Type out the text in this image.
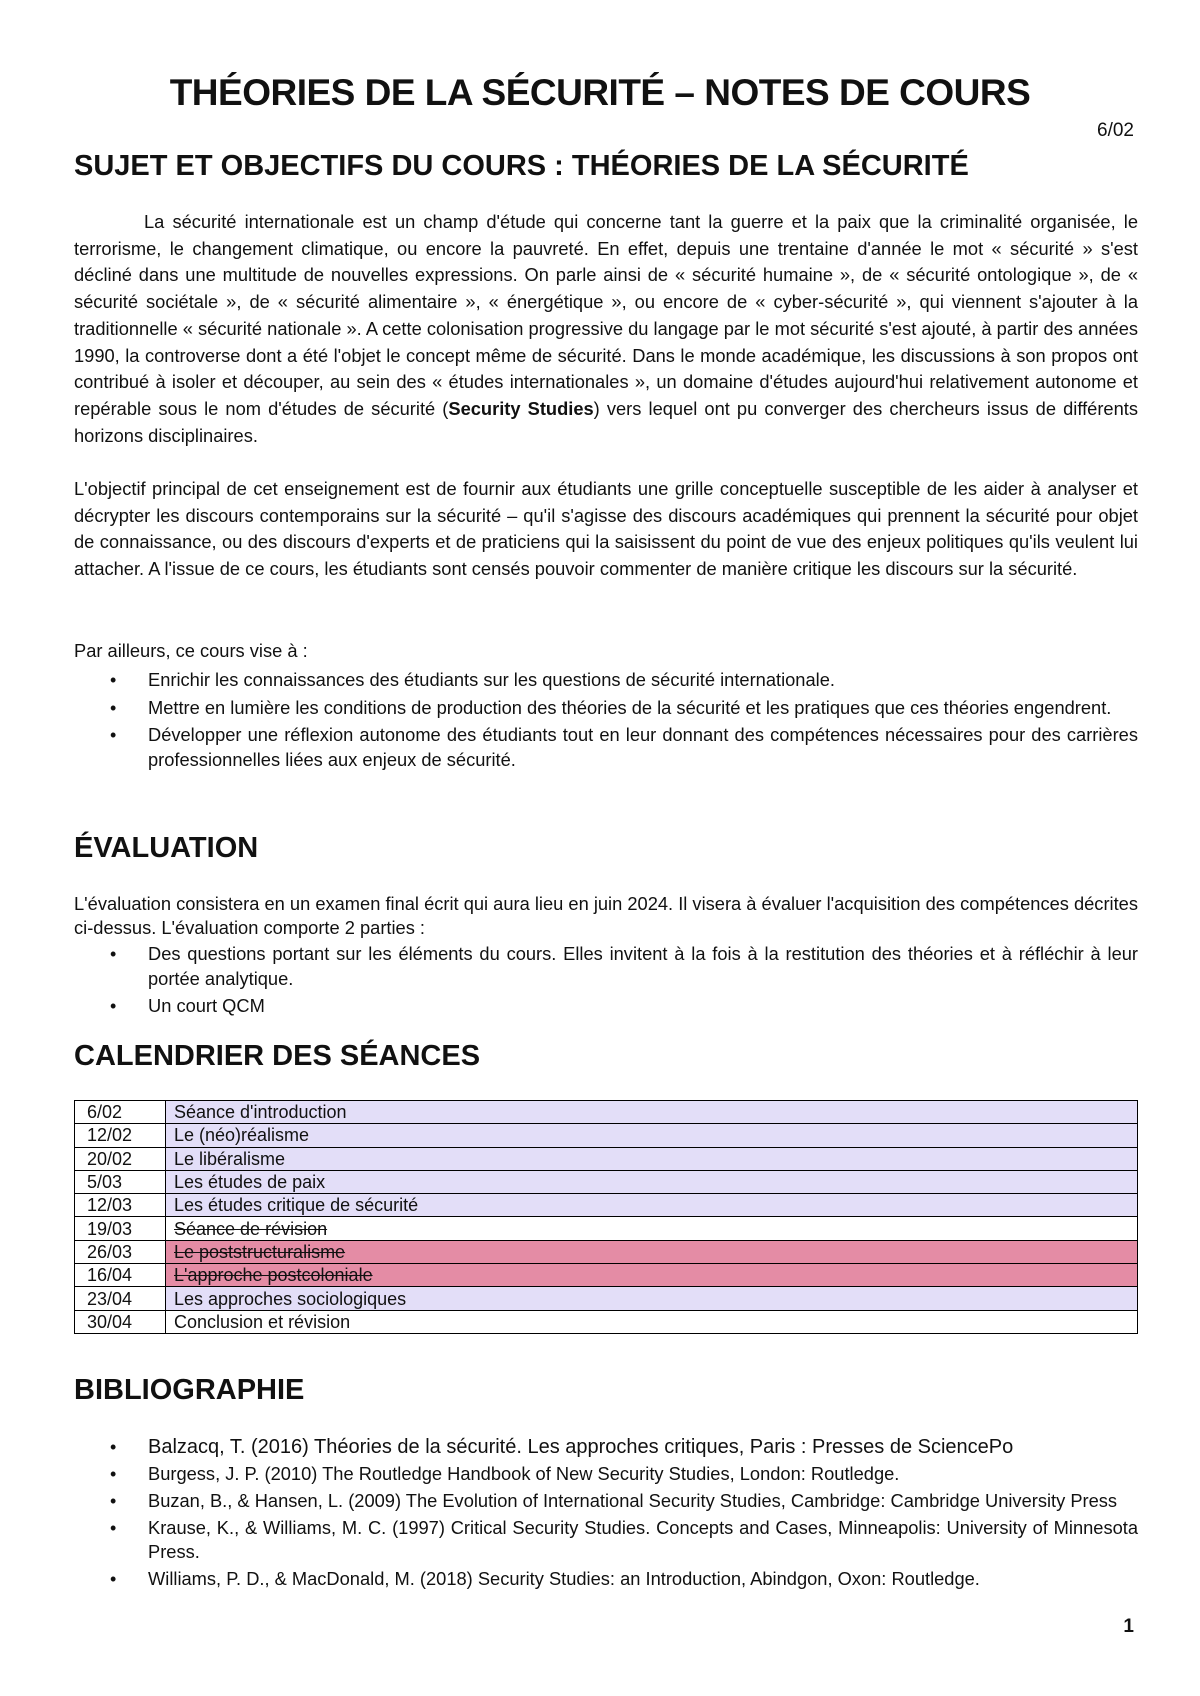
THÉORIES DE LA SÉCURITÉ – NOTES DE COURS
6/02
SUJET ET OBJECTIFS DU COURS : THÉORIES DE LA SÉCURITÉ

La sécurité internationale est un champ d'étude qui concerne tant la guerre et la paix que la criminalité organisée, le terrorisme, le changement climatique, ou encore la pauvreté. En effet, depuis une trentaine d'année le mot « sécurité » s'est décliné dans une multitude de nouvelles expressions. On parle ainsi de « sécurité humaine », de « sécurité ontologique », de « sécurité sociétale », de « sécurité alimentaire », « énergétique », ou encore de « cyber-sécurité », qui viennent s'ajouter à la traditionnelle « sécurité nationale ». A cette colonisation progressive du langage par le mot sécurité s'est ajouté, à partir des années 1990, la controverse dont a été l'objet le concept même de sécurité. Dans le monde académique, les discussions à son propos ont contribué à isoler et découper, au sein des « études internationales », un domaine d'études aujourd'hui relativement autonome et repérable sous le nom d'études de sécurité (Security Studies) vers lequel ont pu converger des chercheurs issus de différents horizons disciplinaires.

L'objectif principal de cet enseignement est de fournir aux étudiants une grille conceptuelle susceptible de les aider à analyser et décrypter les discours contemporains sur la sécurité – qu'il s'agisse des discours académiques qui prennent la sécurité pour objet de connaissance, ou des discours d'experts et de praticiens qui la saisissent du point de vue des enjeux politiques qu'ils veulent lui attacher. A l'issue de ce cours, les étudiants sont censés pouvoir commenter de manière critique les discours sur la sécurité.

Par ailleurs, ce cours vise à :

• Enrichir les connaissances des étudiants sur les questions de sécurité internationale.
• Mettre en lumière les conditions de production des théories de la sécurité et les pratiques que ces théories engendrent.
• Développer une réflexion autonome des étudiants tout en leur donnant des compétences nécessaires pour des carrières professionnelles liées aux enjeux de sécurité.
ÉVALUATION

L'évaluation consistera en un examen final écrit qui aura lieu en juin 2024. Il visera à évaluer l'acquisition des compétences décrites ci-dessus. L'évaluation comporte 2 parties :

• Des questions portant sur les éléments du cours. Elles invitent à la fois à la restitution des théories et à réfléchir à leur portée analytique.
• Un court QCM
CALENDRIER DES SÉANCES
6/02	Séance d'introduction
12/02	Le (néo)réalisme
20/02	Le libéralisme
5/03	Les études de paix
12/03	Les études critique de sécurité
19/03	Séance de révision
26/03	Le poststructuralisme
16/04	L'approche postcoloniale
23/04	Les approches sociologiques
30/04	Conclusion et révision
BIBLIOGRAPHIE
• Balzacq, T. (2016) Théories de la sécurité. Les approches critiques, Paris : Presses de SciencePo
• Burgess, J. P. (2010) The Routledge Handbook of New Security Studies, London: Routledge.
• Buzan, B., & Hansen, L. (2009) The Evolution of International Security Studies, Cambridge: Cambridge University Press
• Krause, K., & Williams, M. C. (1997) Critical Security Studies. Concepts and Cases, Minneapolis: University of Minnesota Press.
• Williams, P. D., & MacDonald, M. (2018) Security Studies: an Introduction, Abindgon, Oxon: Routledge.
1
